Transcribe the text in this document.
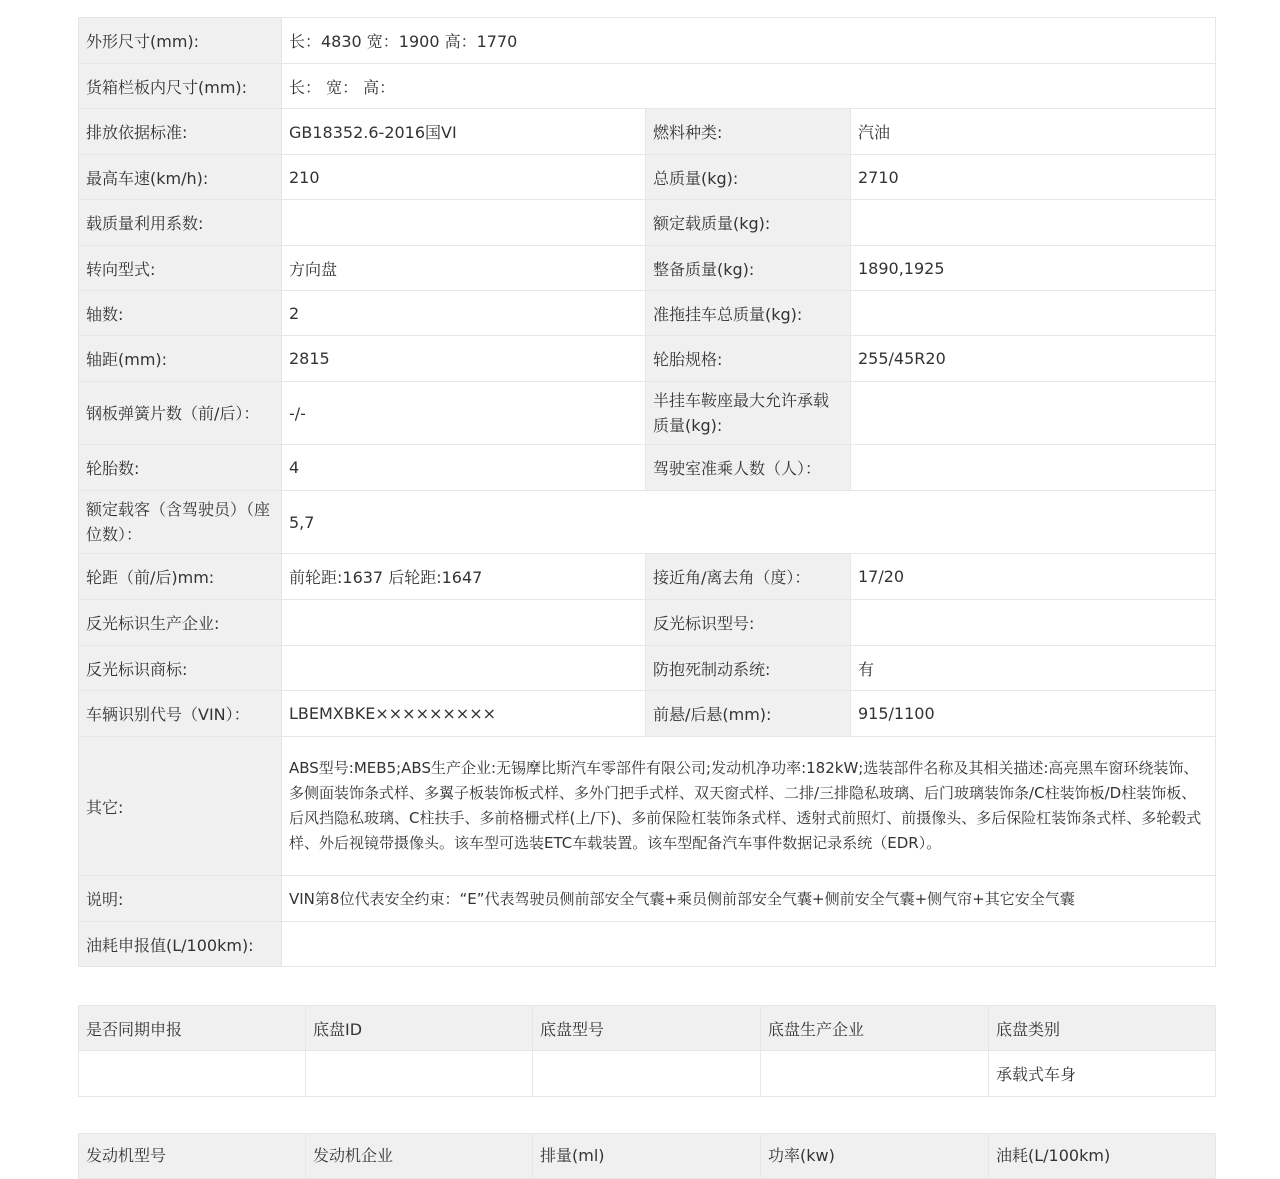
外形尺寸(mm):	长：4830 宽：1900 高：1770		
货箱栏板内尺寸(mm):	长： 宽： 高：		
排放依据标准:	GB18352.6-2016国VI	燃料种类:	汽油
最高车速(km/h):	210	总质量(kg):	2710
载质量利用系数:		额定载质量(kg):	
转向型式:	方向盘	整备质量(kg):	1890,1925
轴数:	2	准拖挂车总质量(kg):	
轴距(mm):	2815	轮胎规格:	255/45R20
钢板弹簧片数（前/后）：	-/-	半挂车鞍座最大允许承载质量(kg):	
轮胎数:	4	驾驶室准乘人数（人）：	
额定载客（含驾驶员）（座位数）：	5,7		
轮距（前/后)mm:	前轮距:1637 后轮距:1647	接近角/离去角（度）：	17/20
反光标识生产企业:		反光标识型号:	
反光标识商标:		防抱死制动系统:	有
车辆识别代号（VIN）：	LBEMXBKE×××××××××	前悬/后悬(mm):	915/1100
其它:	ABS型号:MEB5;ABS生产企业:无锡摩比斯汽车零部件有限公司;发动机净功率:182kW;选装部件名称及其相关描述:高亮黑车窗环绕装饰、多侧面装饰条式样、多翼子板装饰板式样、多外门把手式样、双天窗式样、二排/三排隐私玻璃、后门玻璃装饰条/C柱装饰板/D柱装饰板、后风挡隐私玻璃、C柱扶手、多前格栅式样(上/下)、多前保险杠装饰条式样、透射式前照灯、前摄像头、多后保险杠装饰条式样、多轮毂式样、外后视镜带摄像头。该车型可选装ETC车载装置。该车型配备汽车事件数据记录系统（EDR）。		
说明:	VIN第8位代表安全约束：“E”代表驾驶员侧前部安全气囊+乘员侧前部安全气囊+侧前安全气囊+侧气帘+其它安全气囊		
油耗申报值(L/100km):			
是否同期申报	底盘ID	底盘型号	底盘生产企业	底盘类别
				承载式车身
发动机型号	发动机企业	排量(ml)	功率(kw)	油耗(L/100km)
